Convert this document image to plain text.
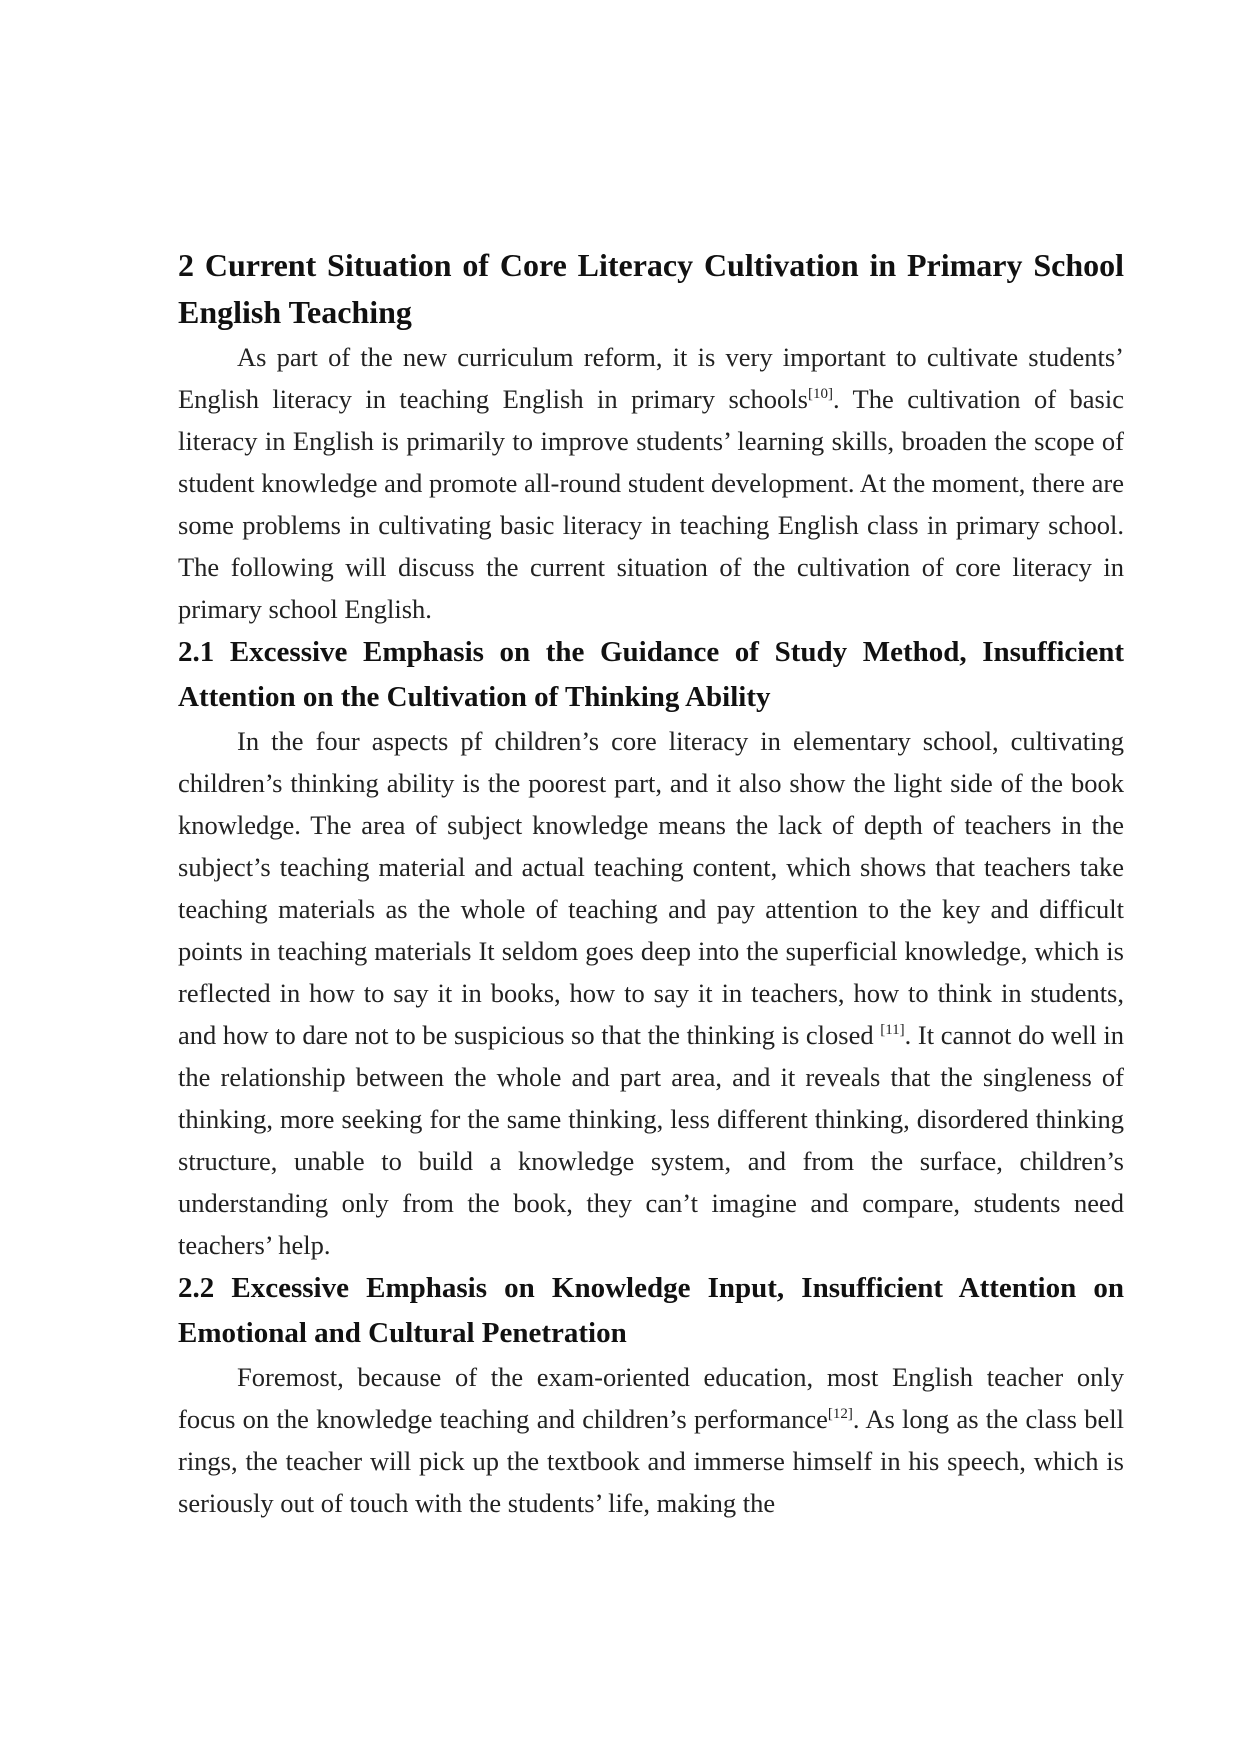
2 Current Situation of Core Literacy Cultivation in Primary School English Teaching

As part of the new curriculum reform, it is very important to cultivate students’ English literacy in teaching English in primary schools[10]. The cultivation of basic literacy in English is primarily to improve students’ learning skills, broaden the scope of student knowledge and promote all-round student development. At the moment, there are some problems in cultivating basic literacy in teaching English class in primary school. The following will discuss the current situation of the cultivation of core literacy in primary school English.

2.1 Excessive Emphasis on the Guidance of Study Method, Insufficient Attention on the Cultivation of Thinking Ability

In the four aspects pf children’s core literacy in elementary school, cultivating children’s thinking ability is the poorest part, and it also show the light side of the book knowledge. The area of subject knowledge means the lack of depth of teachers in the subject’s teaching material and actual teaching content, which shows that teachers take teaching materials as the whole of teaching and pay attention to the key and difficult points in teaching materials It seldom goes deep into the superficial knowledge, which is reflected in how to say it in books, how to say it in teachers, how to think in students, and how to dare not to be suspicious so that the thinking is closed [11]. It cannot do well in the relationship between the whole and part area, and it reveals that the singleness of thinking, more seeking for the same thinking, less different thinking, disordered thinking structure, unable to build a knowledge system, and from the surface, children’s understanding only from the book, they can’t imagine and compare, students need teachers’ help.

2.2 Excessive Emphasis on Knowledge Input, Insufficient Attention on Emotional and Cultural Penetration

Foremost, because of the exam-oriented education, most English teacher only focus on the knowledge teaching and children’s performance[12]. As long as the class bell rings, the teacher will pick up the textbook and immerse himself in his speech, which is seriously out of touch with the students’ life, making the
